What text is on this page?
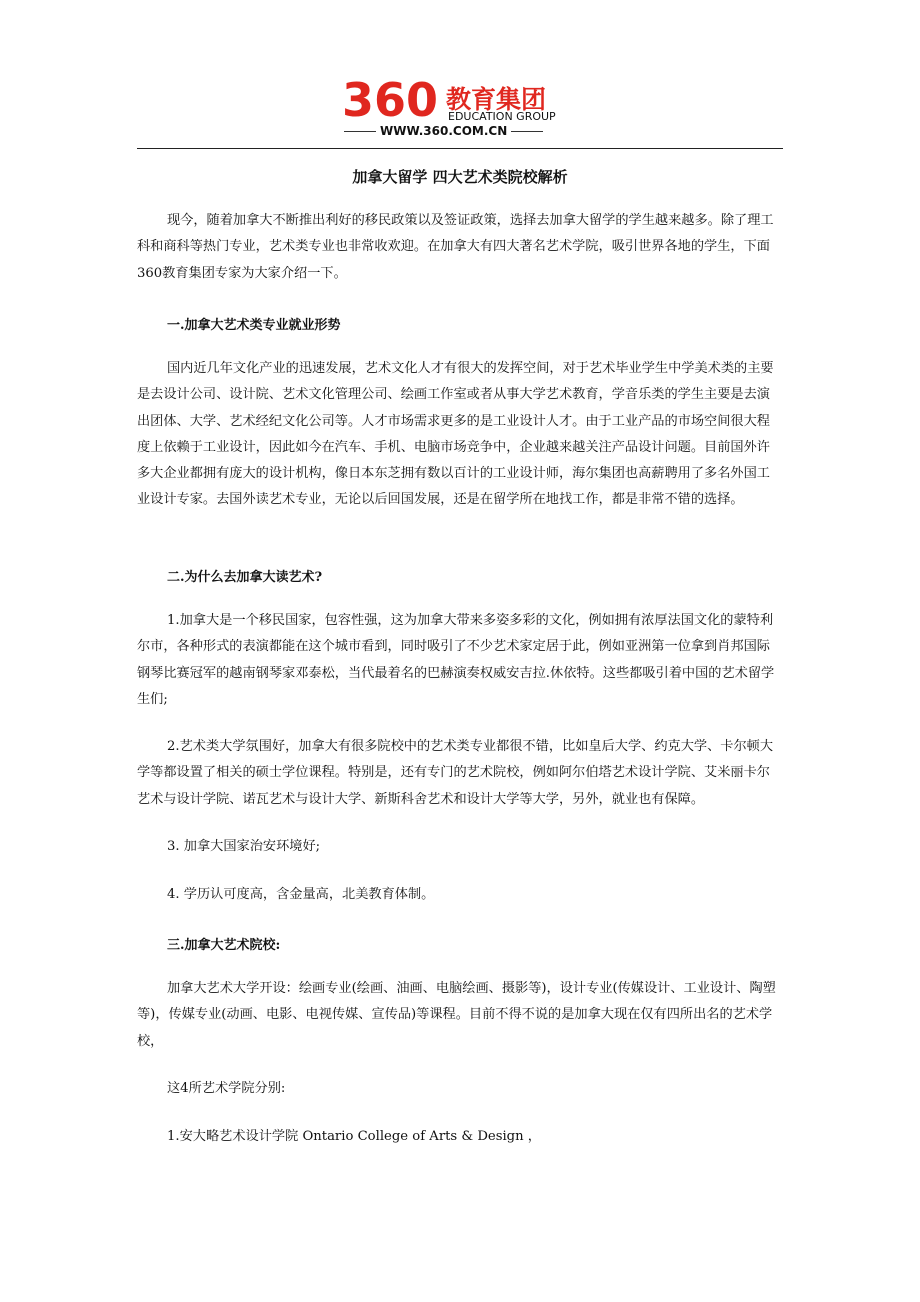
360 教育集团
EDUCATION GROUP
WWW.360.COM.CN
加拿大留学 四大艺术类院校解析
现今，随着加拿大不断推出利好的移民政策以及签证政策，选择去加拿大留学的学生越来越多。除了理工科和商科等热门专业，艺术类专业也非常收欢迎。在加拿大有四大著名艺术学院，吸引世界各地的学生，下面360教育集团专家为大家介绍一下。
一.加拿大艺术类专业就业形势
国内近几年文化产业的迅速发展，艺术文化人才有很大的发挥空间，对于艺术毕业学生中学美术类的主要是去设计公司、设计院、艺术文化管理公司、绘画工作室或者从事大学艺术教育，学音乐类的学生主要是去演出团体、大学、艺术经纪文化公司等。人才市场需求更多的是工业设计人才。由于工业产品的市场空间很大程度上依赖于工业设计，因此如今在汽车、手机、电脑市场竞争中，企业越来越关注产品设计问题。目前国外许多大企业都拥有庞大的设计机构，像日本东芝拥有数以百计的工业设计师，海尔集团也高薪聘用了多名外国工业设计专家。去国外读艺术专业，无论以后回国发展，还是在留学所在地找工作，都是非常不错的选择。
二.为什么去加拿大读艺术?
1.加拿大是一个移民国家，包容性强，这为加拿大带来多姿多彩的文化，例如拥有浓厚法国文化的蒙特利尔市，各种形式的表演都能在这个城市看到，同时吸引了不少艺术家定居于此，例如亚洲第一位拿到肖邦国际钢琴比赛冠军的越南钢琴家邓泰松，当代最着名的巴赫演奏权威安吉拉.休依特。这些都吸引着中国的艺术留学生们;
2.艺术类大学氛围好，加拿大有很多院校中的艺术类专业都很不错，比如皇后大学、约克大学、卡尔顿大学等都设置了相关的硕士学位课程。特别是，还有专门的艺术院校，例如阿尔伯塔艺术设计学院、艾米丽卡尔艺术与设计学院、诺瓦艺术与设计大学、新斯科舍艺术和设计大学等大学，另外，就业也有保障。
3. 加拿大国家治安环境好;
4. 学历认可度高，含金量高，北美教育体制。
三.加拿大艺术院校:
加拿大艺术大学开设：绘画专业(绘画、油画、电脑绘画、摄影等)，设计专业(传媒设计、工业设计、陶塑等)，传媒专业(动画、电影、电视传媒、宣传品)等课程。目前不得不说的是加拿大现在仅有四所出名的艺术学校，
这4所艺术学院分别:
1.安大略艺术设计学院 Ontario College of Arts & Design ，
